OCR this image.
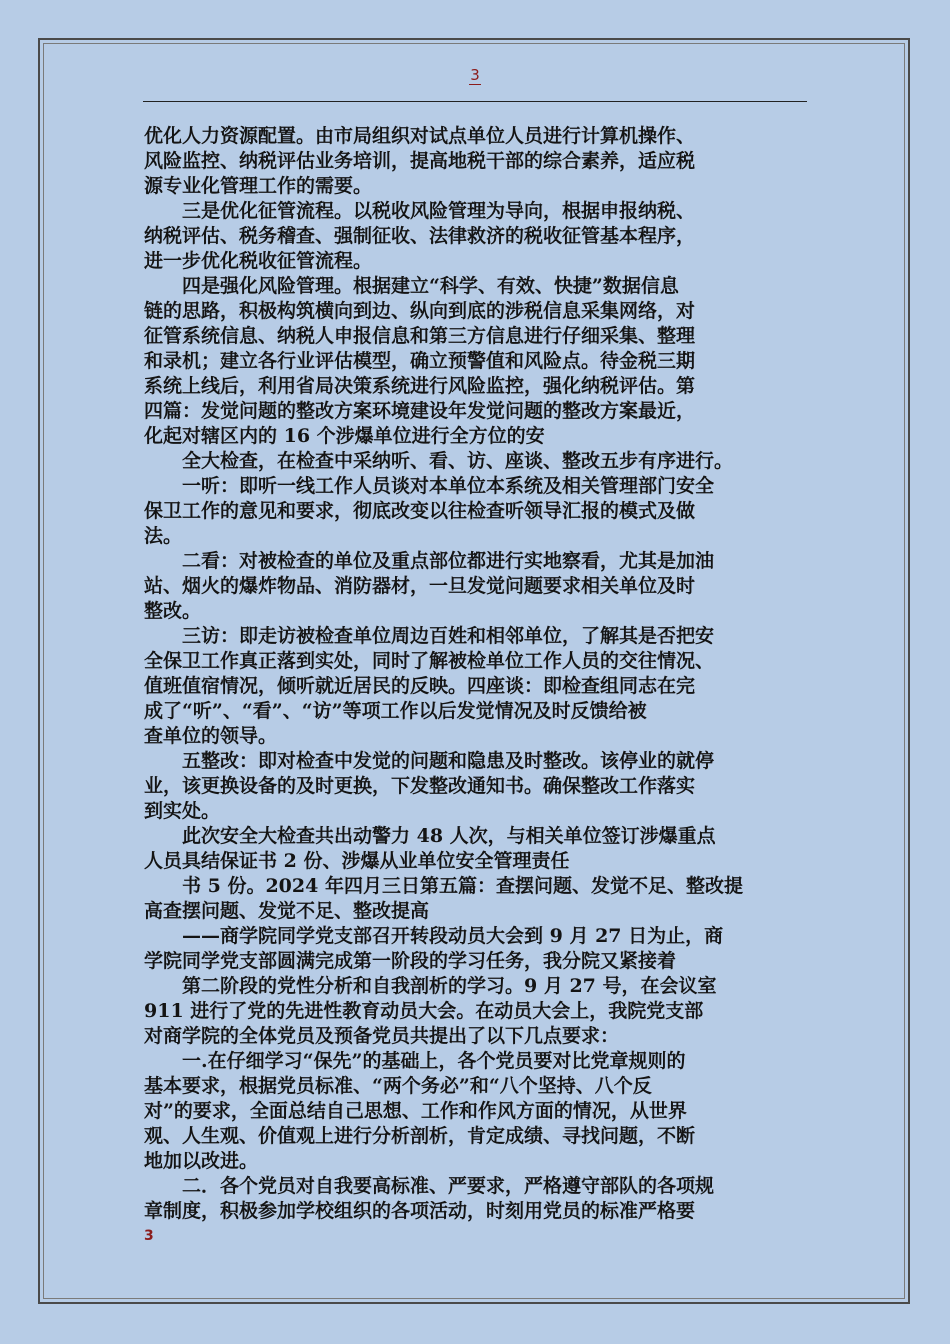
3

优化人力资源配置。由市局组织对试点单位人员进行计算机操作、

风险监控、纳税评估业务培训，提高地税干部的综合素养，适应税

源专业化管理工作的需要。

　　三是优化征管流程。以税收风险管理为导向，根据申报纳税、

纳税评估、税务稽查、强制征收、法律救济的税收征管基本程序，

进一步优化税收征管流程。

　　四是强化风险管理。根据建立“科学、有效、快捷”数据信息

链的思路，积极构筑横向到边、纵向到底的涉税信息采集网络，对

征管系统信息、纳税人申报信息和第三方信息进行仔细采集、整理

和录机；建立各行业评估模型，确立预警值和风险点。待金税三期

系统上线后，利用省局决策系统进行风险监控，强化纳税评估。第

四篇：发觉问题的整改方案环境建设年发觉问题的整改方案最近，

化起对辖区内的 16 个涉爆单位进行全方位的安

　　全大检查，在检查中采纳听、看、访、座谈、整改五步有序进行。

　　一听：即听一线工作人员谈对本单位本系统及相关管理部门安全

保卫工作的意见和要求，彻底改变以往检查听领导汇报的模式及做

法。

　　二看：对被检查的单位及重点部位都进行实地察看，尤其是加油

站、烟火的爆炸物品、消防器材，一旦发觉问题要求相关单位及时

整改。

　　三访：即走访被检查单位周边百姓和相邻单位，了解其是否把安

全保卫工作真正落到实处，同时了解被检单位工作人员的交往情况、

值班值宿情况，倾听就近居民的反映。四座谈：即检查组同志在完

成了“听”、“看”、“访”等项工作以后发觉情况及时反馈给被

查单位的领导。

　　五整改：即对检查中发觉的问题和隐患及时整改。该停业的就停

业，该更换设备的及时更换，下发整改通知书。确保整改工作落实

到实处。

　　此次安全大检查共出动警力 48 人次，与相关单位签订涉爆重点

人员具结保证书 2 份、涉爆从业单位安全管理责任

　　书 5 份。2024 年四月三日第五篇：查摆问题、发觉不足、整改提

高查摆问题、发觉不足、整改提高

　　——商学院同学党支部召开转段动员大会到 9 月 27 日为止，商

学院同学党支部圆满完成第一阶段的学习任务，我分院又紧接着

　　第二阶段的党性分析和自我剖析的学习。9 月 27 号，在会议室

911 进行了党的先进性教育动员大会。在动员大会上，我院党支部

对商学院的全体党员及预备党员共提出了以下几点要求：

　　一.在仔细学习“保先”的基础上，各个党员要对比党章规则的

基本要求，根据党员标准、“两个务必”和“八个坚持、八个反

对”的要求，全面总结自己思想、工作和作风方面的情况，从世界

观、人生观、价值观上进行分析剖析，肯定成绩、寻找问题，不断

地加以改进。

　　二．各个党员对自我要高标准、严要求，严格遵守部队的各项规

章制度，积极参加学校组织的各项活动，时刻用党员的标准严格要

3
